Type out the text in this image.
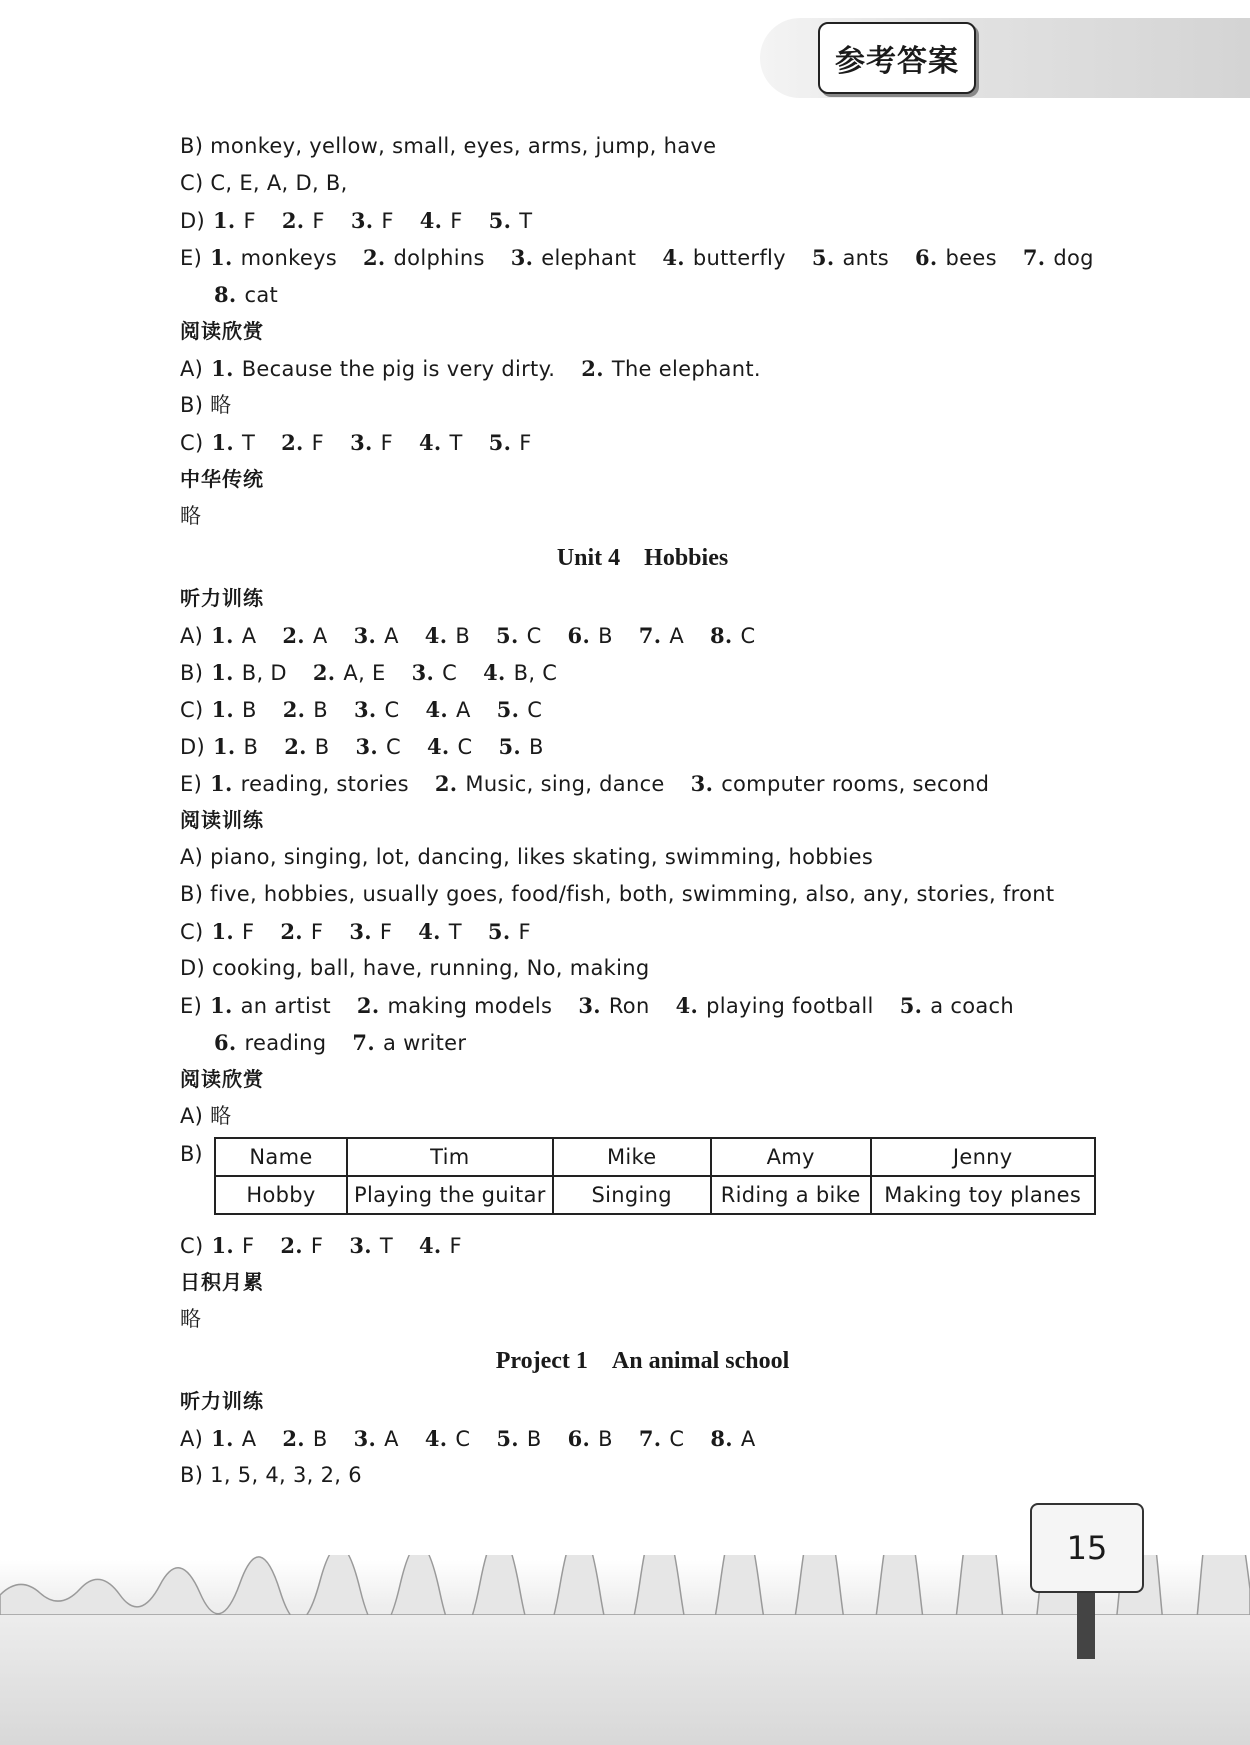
参考答案
B) monkey, yellow, small, eyes, arms, jump, have
C) C, E, A, D, B,
D) 1. F 2. F 3. F 4. F 5. T
E) 1. monkeys 2. dolphins 3. elephant 4. butterfly 5. ants 6. bees 7. dog
8. cat
阅读欣赏
A) 1. Because the pig is very dirty. 2. The elephant.
B) 略
C) 1. T 2. F 3. F 4. T 5. F
中华传统
略
Unit 4 Hobbies
听力训练
A) 1. A 2. A 3. A 4. B 5. C 6. B 7. A 8. C
B) 1. B, D 2. A, E 3. C 4. B, C
C) 1. B 2. B 3. C 4. A 5. C
D) 1. B 2. B 3. C 4. C 5. B
E) 1. reading, stories 2. Music, sing, dance 3. computer rooms, second
阅读训练
A) piano, singing, lot, dancing, likes skating, swimming, hobbies
B) five, hobbies, usually goes, food/fish, both, swimming, also, any, stories, front
C) 1. F 2. F 3. F 4. T 5. F
D) cooking, ball, have, running, No, making
E) 1. an artist 2. making models 3. Ron 4. playing football 5. a coach
6. reading 7. a writer
阅读欣赏
A) 略
B)	Name	Tim	Mike	Amy	Jenny
Hobby	Playing the guitar	Singing	Riding a bike	Making toy planes
C) 1. F 2. F 3. T 4. F
日积月累
略
Project 1 An animal school
听力训练
A) 1. A 2. B 3. A 4. C 5. B 6. B 7. C 8. A
B) 1, 5, 4, 3, 2, 6
15
